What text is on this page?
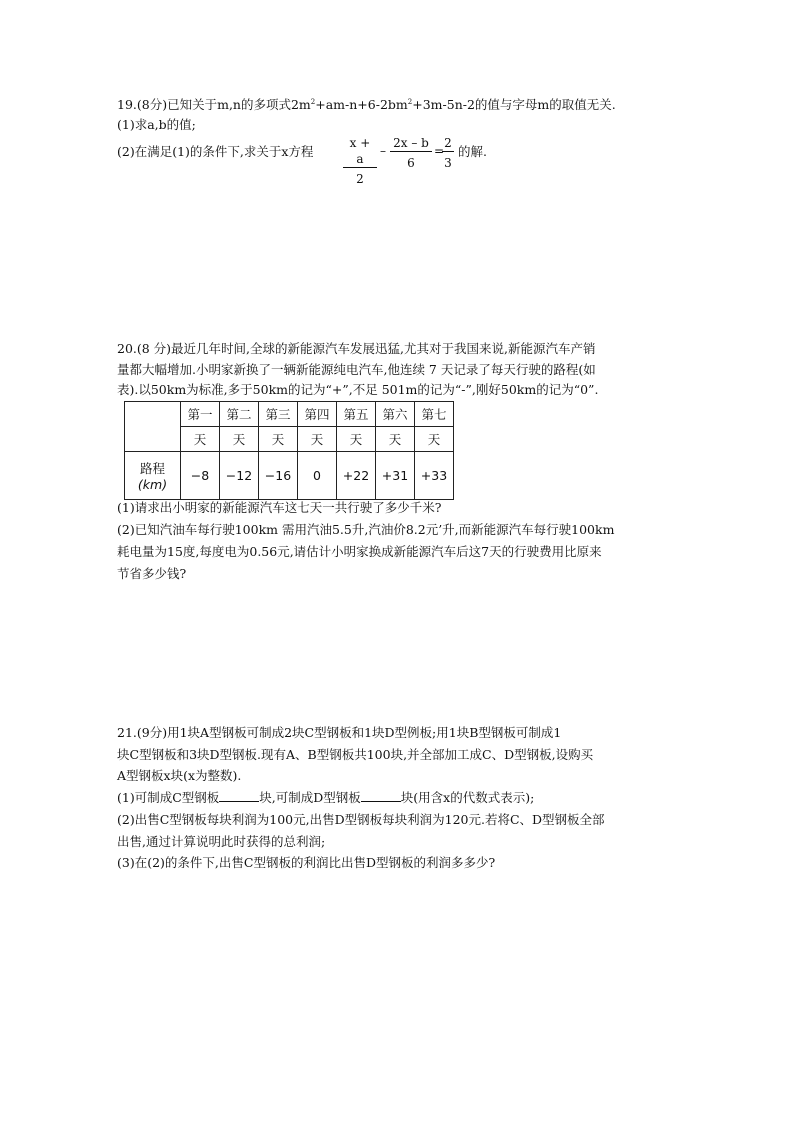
19.(8分)已知关于m,n的多项式$2m^2+am-n+6-2bm^2+3m-5n-2$的值与字母m的取值无关.
(1)求a,b的值;
(2)在满足(1)的条件下,求关于x方程 $\frac{x + a}{2} - \frac{2x - b}{6}$ =
$\frac{2}{3}$ 的解.
20.(8 分)最近几年时间,全球的新能源汽车发展迅猛,尤其对于我国来说,新能源汽车产销
量都大幅增加.小明家新换了一辆新能源纯电汽车,他连续 7 天记录了每天行驶的路程(如
表).以50km为标准,多于50km的记为“+”,不足 501m的记为“-”,刚好50km的记为“0”.
	第一	第二	第三	第四	第五	第六	第七
	天	天	天	天	天	天	天

路程
(km)	−8	−12	−16	0	+22	+31	+33
(1)请求出小明家的新能源汽车这七天一共行驶了多少千米?
(2)已知汽油车每行驶100km 需用汽油5.5升,汽油价8.2元’升,而新能源汽车每行驶100km
耗电量为15度,每度电为0.56元,请估计小明家换成新能源汽车后这7天的行驶费用比原来
节省多少钱?
21.(9分)用1块A型钢板可制成2块C型钢板和1块D型例板;用1块B型钢板可制成1
块C型钢板和3块D型钢板.现有A、B型钢板共100块,并全部加工成C、D型钢板,设购买
A型钢板x块(x为整数).
(1)可制成C型钢板	块,可制成D型钢板	块(用含x的代数式表示);
(2)出售C型钢板每块利润为100元,出售D型钢板每块利润为120元.若将C、D型钢板全部
出售,通过计算说明此时获得的总利润;
(3)在(2)的条件下,出售C型钢板的利润比出售D型钢板的利润多多少?
